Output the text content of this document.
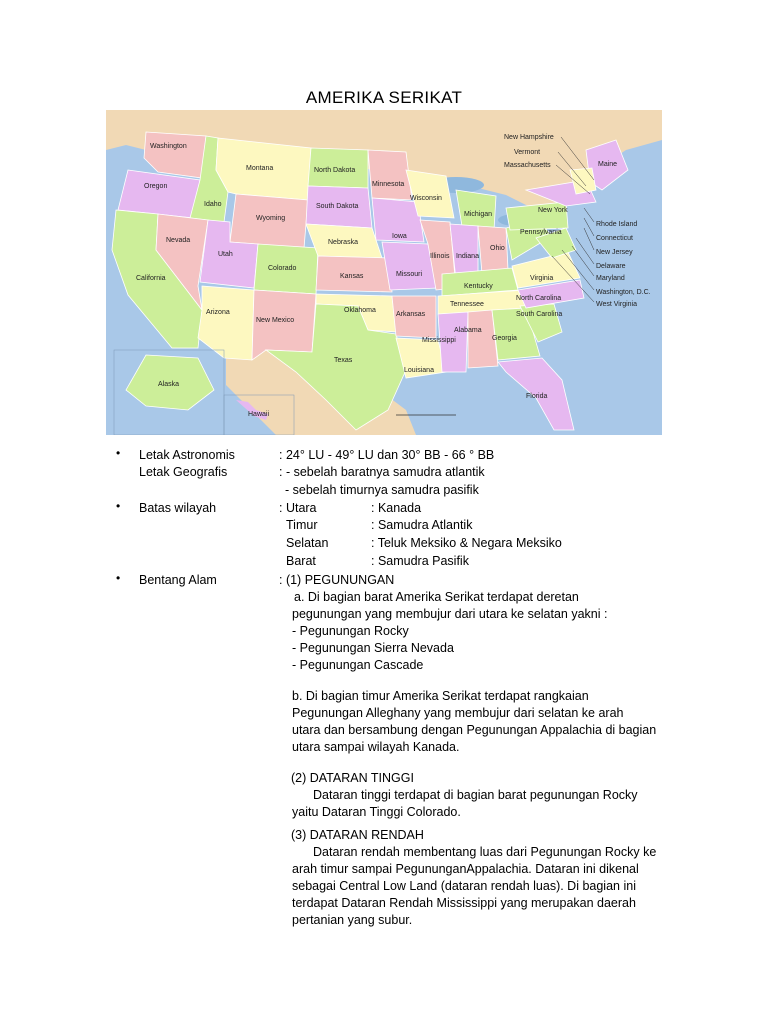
AMERIKA SERIKAT
Washington
Oregon
California
Idaho
Nevada
Montana
Wyoming
Utah
Arizona
Colorado
New Mexico
North Dakota
South Dakota
Nebraska
Kansas
Oklahoma
Texas
Minnesota
Iowa
Missouri
Arkansas
Louisiana
Wisconsin
Illinois
Michigan
Indiana
Ohio
Kentucky
Tennessee
Mississippi
Alabama
Georgia
Florida
South Carolina
North Carolina
Virginia
Pennsylvania
New York
Maine
Alaska
Hawaii
New Hampshire
Vermont
Massachusetts
Rhode Island
Connecticut
New Jersey
Delaware
Maryland
Washington, D.C.
West Virginia
•
•
•
Letak Astronomis	: 24° LU - 49° LU dan 30° BB - 66 ° BB
Letak Geografis	: - sebelah baratnya samudra atlantik
- sebelah timurnya samudra pasifik
Batas wilayah	: Utara	: Kanada
Timur	: Samudra Atlantik
Selatan	: Teluk Meksiko & Negara Meksiko
Barat	: Samudra Pasifik
Bentang Alam	: (1) PEGUNUNGAN
a. Di bagian barat Amerika Serikat terdapat deretan
pegunungan yang membujur dari utara ke selatan yakni :
- Pegunungan Rocky
- Pegunungan Sierra Nevada
- Pegunungan Cascade
b. Di bagian timur Amerika Serikat terdapat rangkaian
Pegunungan Alleghany yang membujur dari selatan ke arah
utara dan bersambung dengan Pegunungan Appalachia di bagian
utara sampai wilayah Kanada.
(2) DATARAN TINGGI
Dataran tinggi terdapat di bagian barat pegunungan Rocky
yaitu Dataran Tinggi Colorado.
(3) DATARAN RENDAH
Dataran rendah membentang luas dari Pegunungan Rocky ke
arah timur sampai PegununganAppalachia. Dataran ini dikenal
sebagai Central Low Land (dataran rendah luas). Di bagian ini
terdapat Dataran Rendah Mississippi yang merupakan daerah
pertanian yang subur.
